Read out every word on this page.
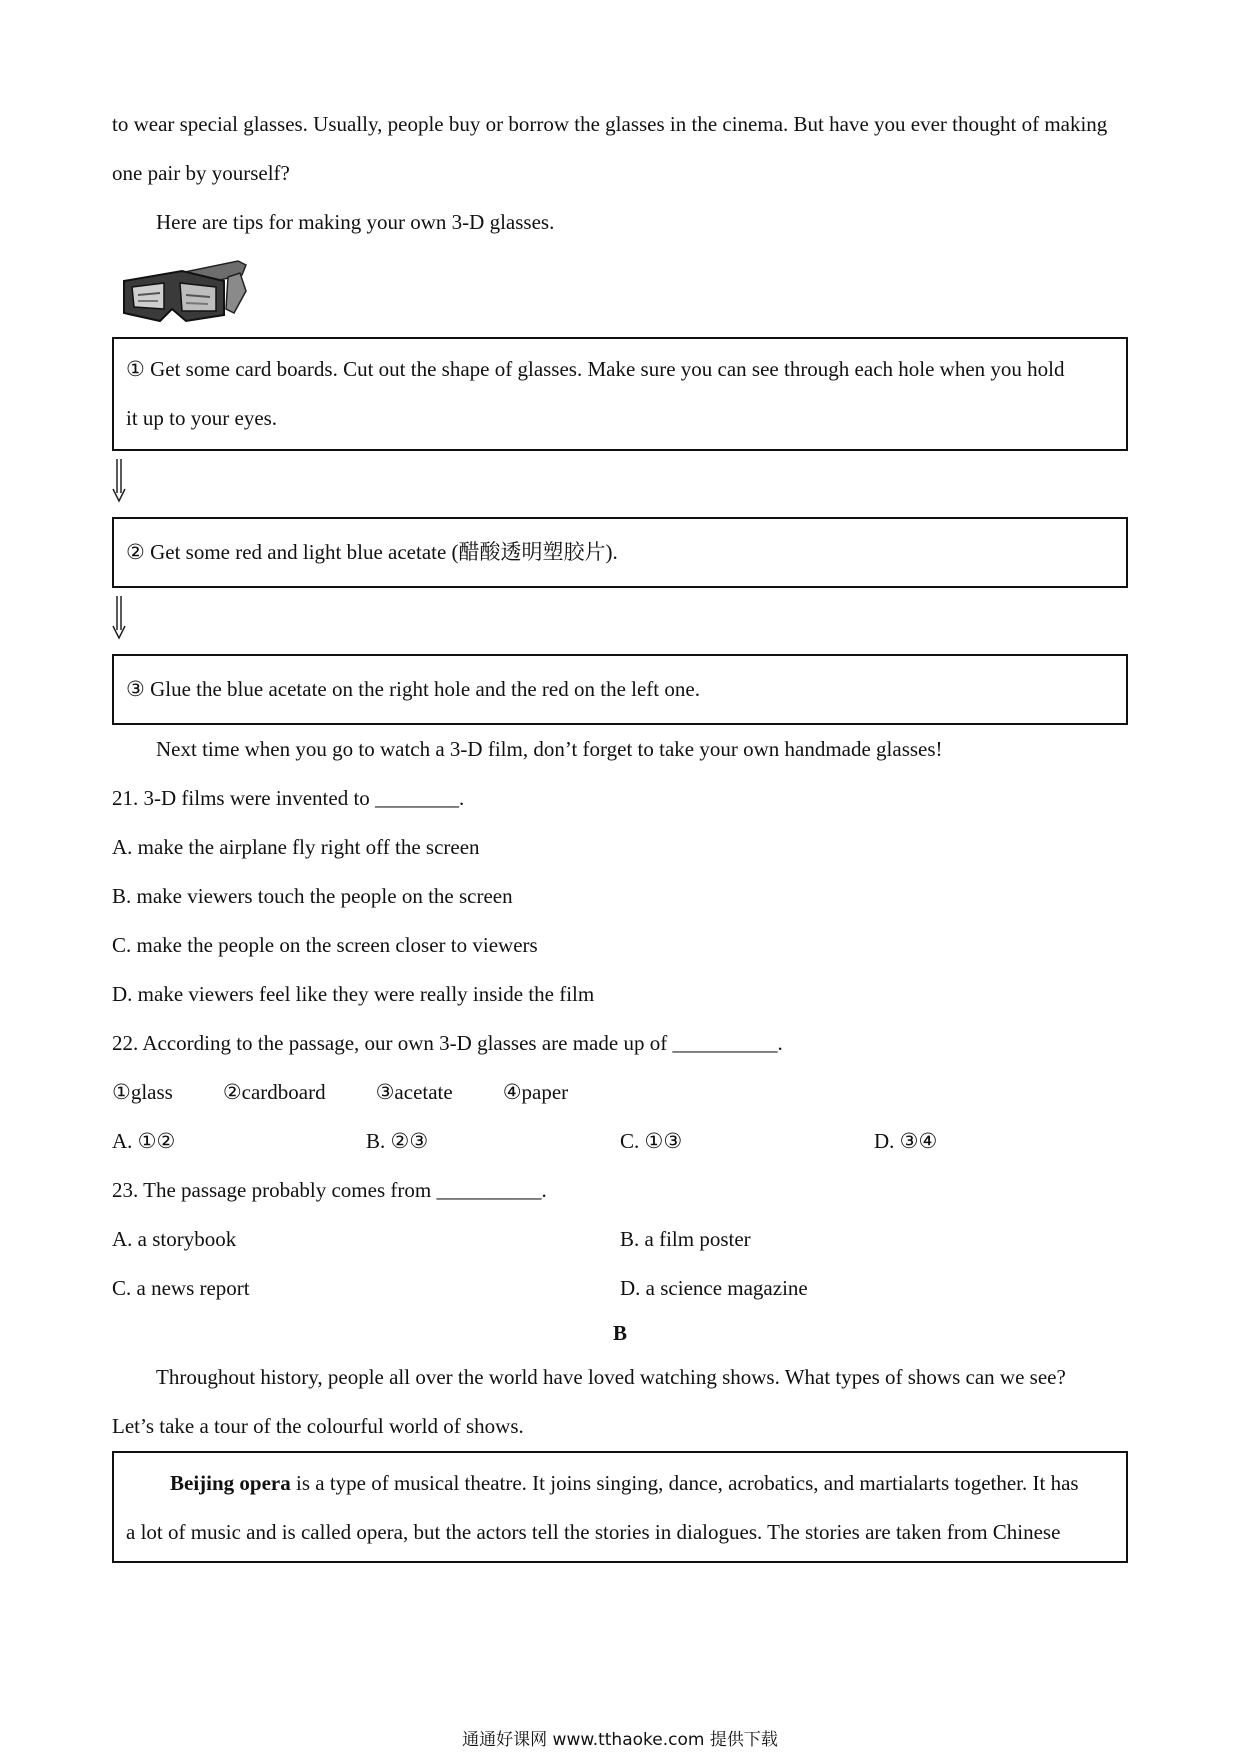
to wear special glasses. Usually, people buy or borrow the glasses in the cinema. But have you ever thought of making

one pair by yourself?

Here are tips for making your own 3-D glasses.

① Get some card boards. Cut out the shape of glasses. Make sure you can see through each hole when you hold

it up to your eyes.

② Get some red and light blue acetate (醋酸透明塑胶片).

③ Glue the blue acetate on the right hole and the red on the left one.

Next time when you go to watch a 3-D film, don’t forget to take your own handmade glasses!

21. 3-D films were invented to ________.

A. make the airplane fly right off the screen

B. make viewers touch the people on the screen

C. make the people on the screen closer to viewers

D. make viewers feel like they were really inside the film

22. According to the passage, our own 3-D glasses are made up of __________.

①glass ②cardboard ③acetate ④paper
A. ①②	B. ②③	C. ①③	D. ③④

23. The passage probably comes from __________.

A. a storybook	B. a film poster
C. a news report	D. a science magazine

B

Throughout history, people all over the world have loved watching shows. What types of shows can we see?

Let’s take a tour of the colourful world of shows.

Beijing opera is a type of musical theatre. It joins singing, dance, acrobatics, and martialarts together. It has

a lot of music and is called opera, but the actors tell the stories in dialogues. The stories are taken from Chinese

通通好课网 www.tthaoke.com 提供下载
